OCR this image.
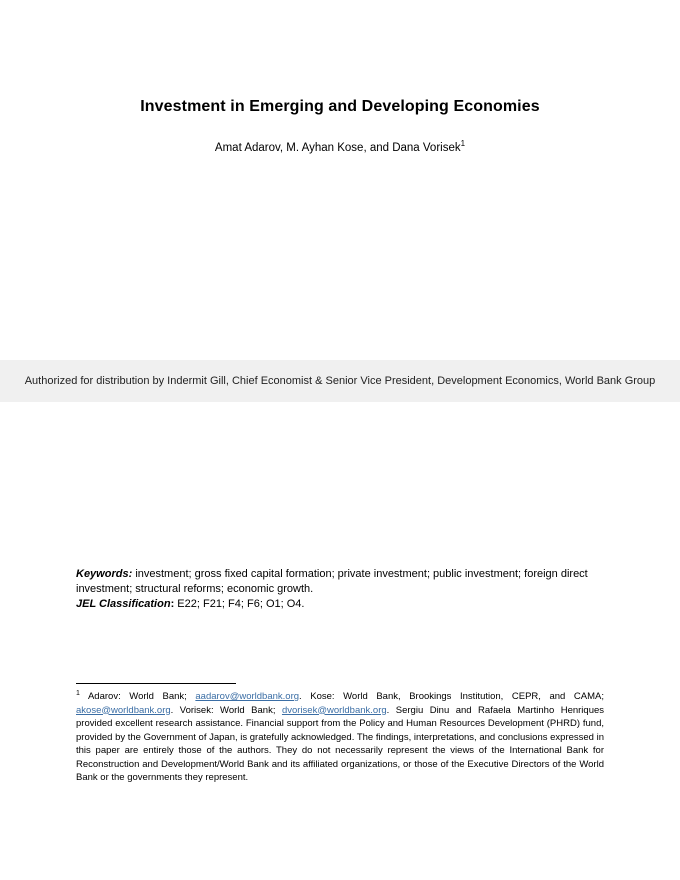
Investment in Emerging and Developing Economies
Amat Adarov, M. Ayhan Kose, and Dana Vorisek$^1$
Authorized for distribution by Indermit Gill, Chief Economist & Senior Vice President, Development Economics, World Bank Group

Keywords: investment; gross fixed capital formation; private investment; public investment; foreign direct investment; structural reforms; economic growth.

JEL Classification: E22; F21; F4; F6; O1; O4.

$^1$ Adarov: World Bank; aadarov@worldbank.org. Kose: World Bank, Brookings Institution, CEPR, and CAMA; akose@worldbank.org. Vorisek: World Bank; dvorisek@worldbank.org. Sergiu Dinu and Rafaela Martinho Henriques provided excellent research assistance. Financial support from the Policy and Human Resources Development (PHRD) fund, provided by the Government of Japan, is gratefully acknowledged. The findings, interpretations, and conclusions expressed in this paper are entirely those of the authors. They do not necessarily represent the views of the International Bank for Reconstruction and Development/World Bank and its affiliated organizations, or those of the Executive Directors of the World Bank or the governments they represent.
